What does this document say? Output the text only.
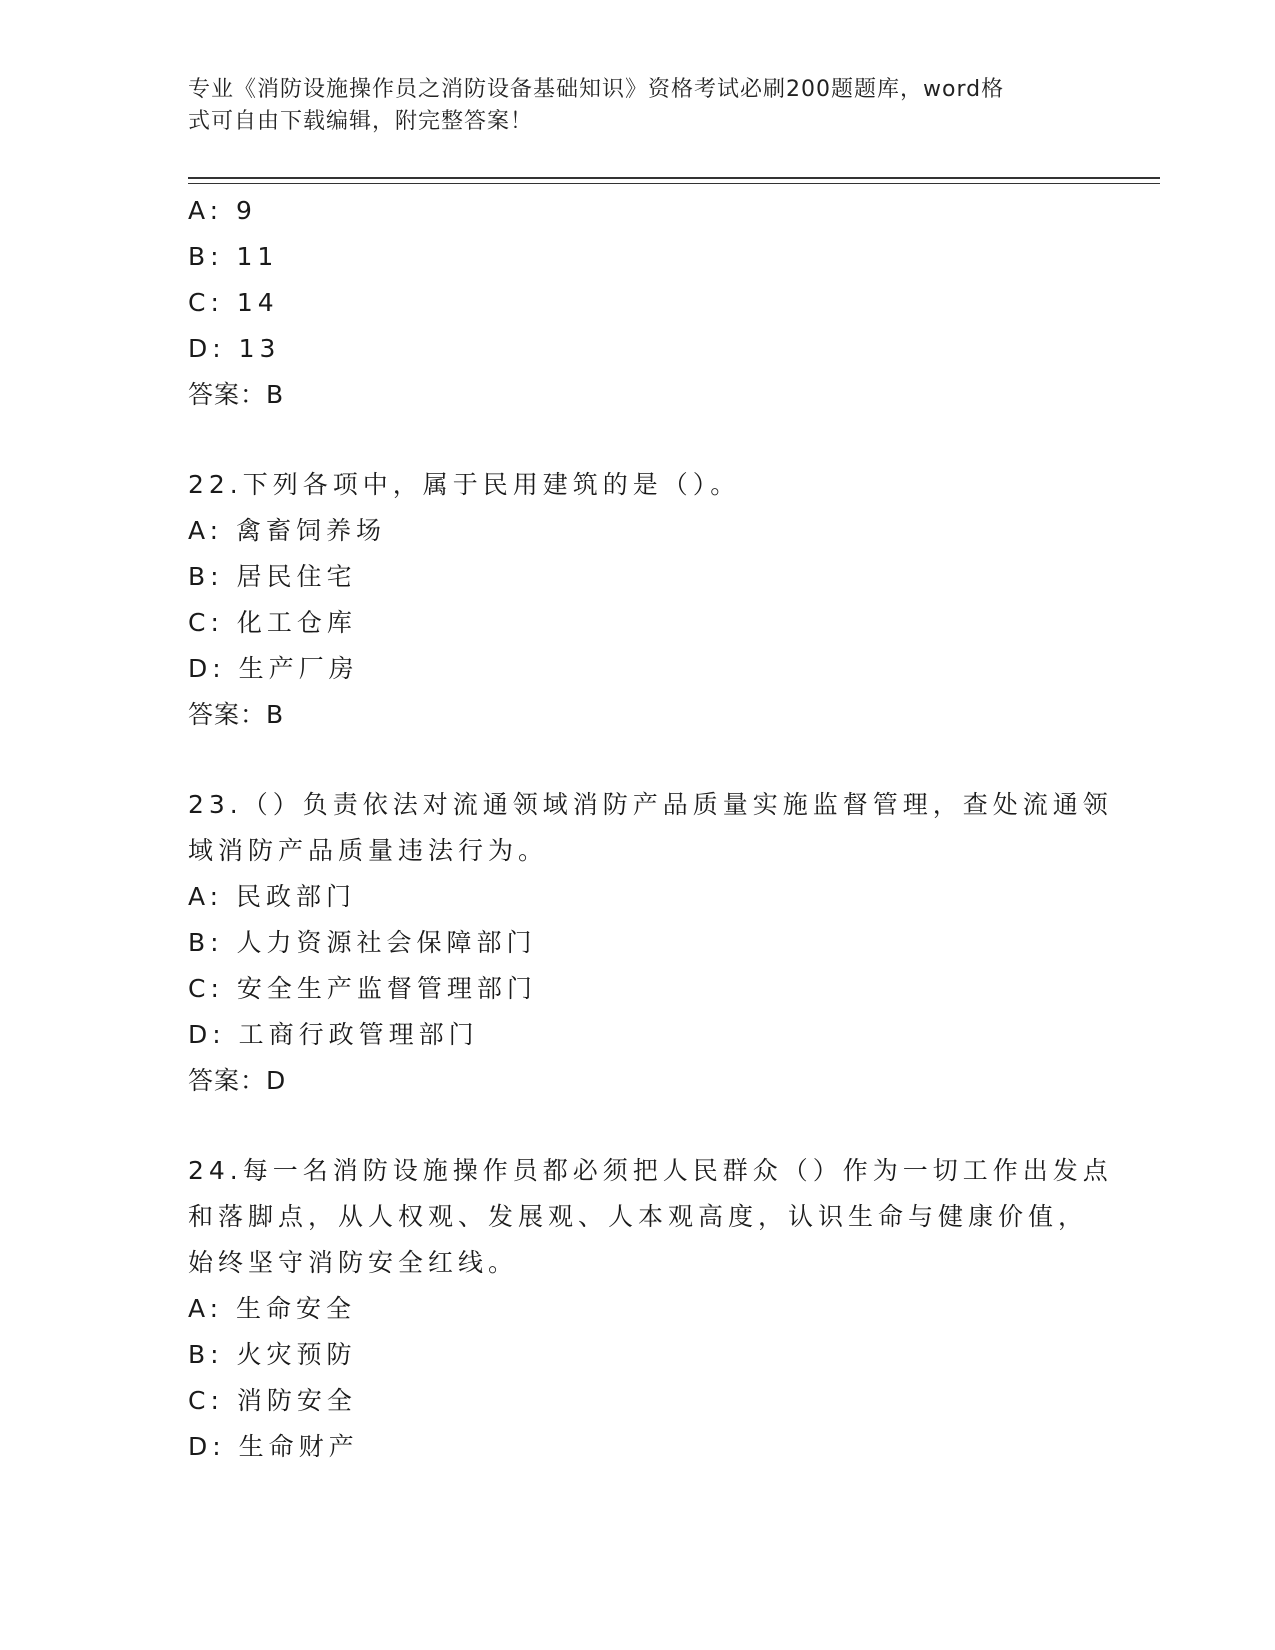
专业《消防设施操作员之消防设备基础知识》资格考试必刷200题题库，word格
式可自由下载编辑，附完整答案！
A: 9
B: 11
C: 14
D: 13
答案：B
22.下列各项中，属于民用建筑的是（）。
A: 禽畜饲养场
B: 居民住宅
C: 化工仓库
D: 生产厂房
答案：B
23.（）负责依法对流通领域消防产品质量实施监督管理，查处流通领
域消防产品质量违法行为。
A: 民政部门
B: 人力资源社会保障部门
C: 安全生产监督管理部门
D: 工商行政管理部门
答案：D
24.每一名消防设施操作员都必须把人民群众（）作为一切工作出发点
和落脚点，从人权观、发展观、人本观高度，认识生命与健康价值，
始终坚守消防安全红线。
A: 生命安全
B: 火灾预防
C: 消防安全
D: 生命财产
